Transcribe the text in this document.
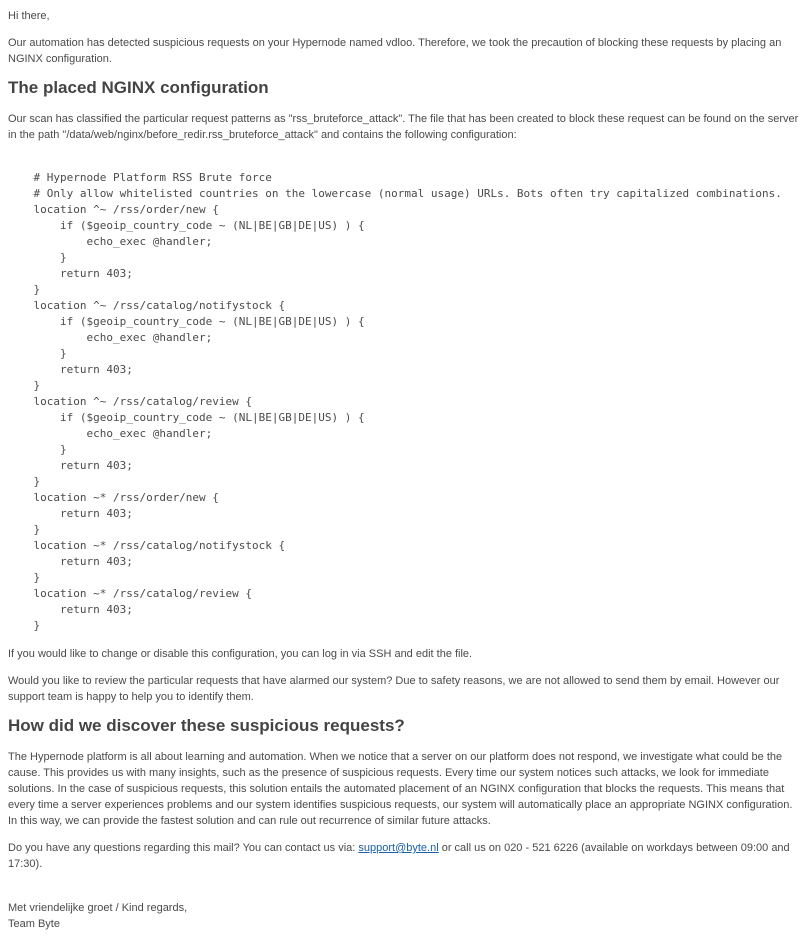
Hi there,

Our automation has detected suspicious requests on your Hypernode named vdloo. Therefore, we took the precaution of blocking these requests by placing an NGINX configuration.

The placed NGINX configuration

Our scan has classified the particular request patterns as "rss_bruteforce_attack". The file that has been created to block these request can be found on the server in the path "/data/web/nginx/before_redir.rss_bruteforce_attack" and contains the following configuration:

# Hypernode Platform RSS Brute force
# Only allow whitelisted countries on the lowercase (normal usage) URLs. Bots often try capitalized combinations.
location ^~ /rss/order/new {
if ($geoip_country_code ~ (NL|BE|GB|DE|US) ) {
echo_exec @handler;
}
return 403;
}
location ^~ /rss/catalog/notifystock {
if ($geoip_country_code ~ (NL|BE|GB|DE|US) ) {
echo_exec @handler;
}
return 403;
}
location ^~ /rss/catalog/review {
if ($geoip_country_code ~ (NL|BE|GB|DE|US) ) {
echo_exec @handler;
}
return 403;
}
location ~* /rss/order/new {
return 403;
}
location ~* /rss/catalog/notifystock {
return 403;
}
location ~* /rss/catalog/review {
return 403;
}

If you would like to change or disable this configuration, you can log in via SSH and edit the file.

Would you like to review the particular requests that have alarmed our system? Due to safety reasons, we are not allowed to send them by email. However our support team is happy to help you to identify them.

How did we discover these suspicious requests?

The Hypernode platform is all about learning and automation. When we notice that a server on our platform does not respond, we investigate what could be the cause. This provides us with many insights, such as the presence of suspicious requests. Every time our system notices such attacks, we look for immediate solutions. In the case of suspicious requests, this solution entails the automated placement of an NGINX configuration that blocks the requests. This means that every time a server experiences problems and our system identifies suspicious requests, our system will automatically place an appropriate NGINX configuration. In this way, we can provide the fastest solution and can rule out recurrence of similar future attacks.

Do you have any questions regarding this mail? You can contact us via: support@byte.nl or call us on 020 - 521 6226 (available on workdays between 09:00 and 17:30).

Met vriendelijke groet / Kind regards,

Team Byte
